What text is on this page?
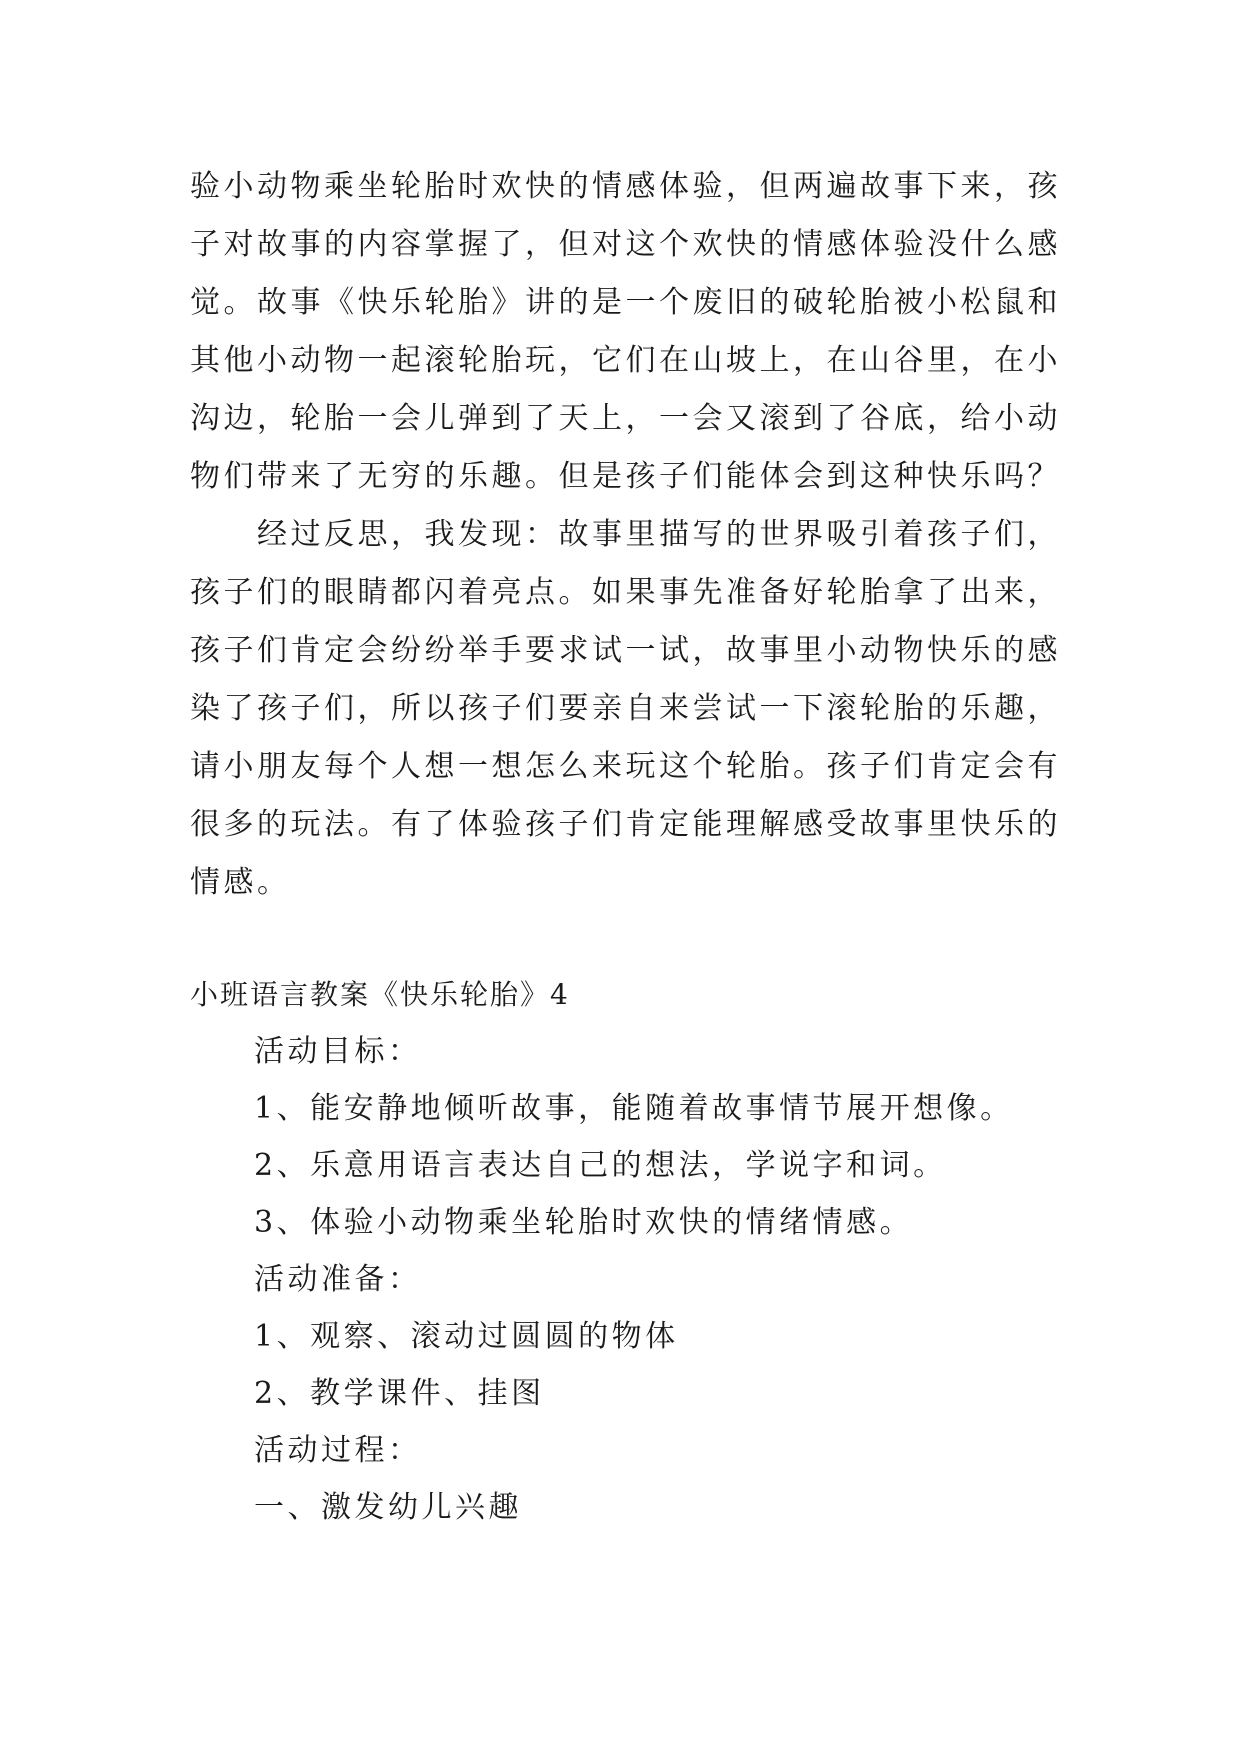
验小动物乘坐轮胎时欢快的情感体验，但两遍故事下来，孩
子对故事的内容掌握了，但对这个欢快的情感体验没什么感
觉。故事《快乐轮胎》讲的是一个废旧的破轮胎被小松鼠和
其他小动物一起滚轮胎玩，它们在山坡上，在山谷里，在小
沟边，轮胎一会儿弹到了天上，一会又滚到了谷底，给小动
物们带来了无穷的乐趣。但是孩子们能体会到这种快乐吗？
　　经过反思，我发现：故事里描写的世界吸引着孩子们，
孩子们的眼睛都闪着亮点。如果事先准备好轮胎拿了出来，
孩子们肯定会纷纷举手要求试一试，故事里小动物快乐的感
染了孩子们，所以孩子们要亲自来尝试一下滚轮胎的乐趣，
请小朋友每个人想一想怎么来玩这个轮胎。孩子们肯定会有
很多的玩法。有了体验孩子们肯定能理解感受故事里快乐的
情感。
小班语言教案《快乐轮胎》4
活动目标：
1、能安静地倾听故事，能随着故事情节展开想像。
2、乐意用语言表达自己的想法，学说字和词。
3、体验小动物乘坐轮胎时欢快的情绪情感。
活动准备：
1、观察、滚动过圆圆的物体
2、教学课件、挂图
活动过程：
一、激发幼儿兴趣
